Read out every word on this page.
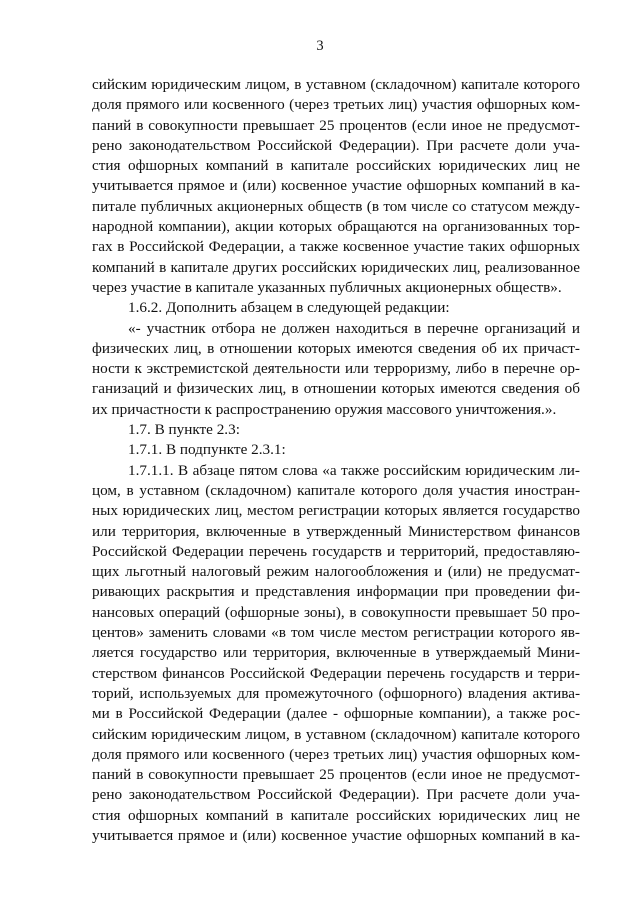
3
сийским юридическим лицом, в уставном (складочном) капитале которого
доля прямого или косвенного (через третьих лиц) участия офшорных ком-
паний в совокупности превышает 25 процентов (если иное не предусмот-
рено законодательством Российской Федерации). При расчете доли уча-
стия офшорных компаний в капитале российских юридических лиц не
учитывается прямое и (или) косвенное участие офшорных компаний в ка-
питале публичных акционерных обществ (в том числе со статусом между-
народной компании), акции которых обращаются на организованных тор-
гах в Российской Федерации, а также косвенное участие таких офшорных
компаний в капитале других российских юридических лиц, реализованное
через участие в капитале указанных публичных акционерных обществ».
1.6.2. Дополнить абзацем в следующей редакции:
«- участник отбора не должен находиться в перечне организаций и
физических лиц, в отношении которых имеются сведения об их причаст-
ности к экстремистской деятельности или терроризму, либо в перечне ор-
ганизаций и физических лиц, в отношении которых имеются сведения об
их причастности к распространению оружия массового уничтожения.».
1.7. В пункте 2.3:
1.7.1. В подпункте 2.3.1:
1.7.1.1. В абзаце пятом слова «а также российским юридическим ли-
цом, в уставном (складочном) капитале которого доля участия иностран-
ных юридических лиц, местом регистрации которых является государство
или территория, включенные в утвержденный Министерством финансов
Российской Федерации перечень государств и территорий, предоставляю-
щих льготный налоговый режим налогообложения и (или) не предусмат-
ривающих раскрытия и представления информации при проведении фи-
нансовых операций (офшорные зоны), в совокупности превышает 50 про-
центов» заменить словами «в том числе местом регистрации которого яв-
ляется государство или территория, включенные в утверждаемый Мини-
стерством финансов Российской Федерации перечень государств и терри-
торий, используемых для промежуточного (офшорного) владения актива-
ми в Российской Федерации (далее - офшорные компании), а также рос-
сийским юридическим лицом, в уставном (складочном) капитале которого
доля прямого или косвенного (через третьих лиц) участия офшорных ком-
паний в совокупности превышает 25 процентов (если иное не предусмот-
рено законодательством Российской Федерации). При расчете доли уча-
стия офшорных компаний в капитале российских юридических лиц не
учитывается прямое и (или) косвенное участие офшорных компаний в ка-
